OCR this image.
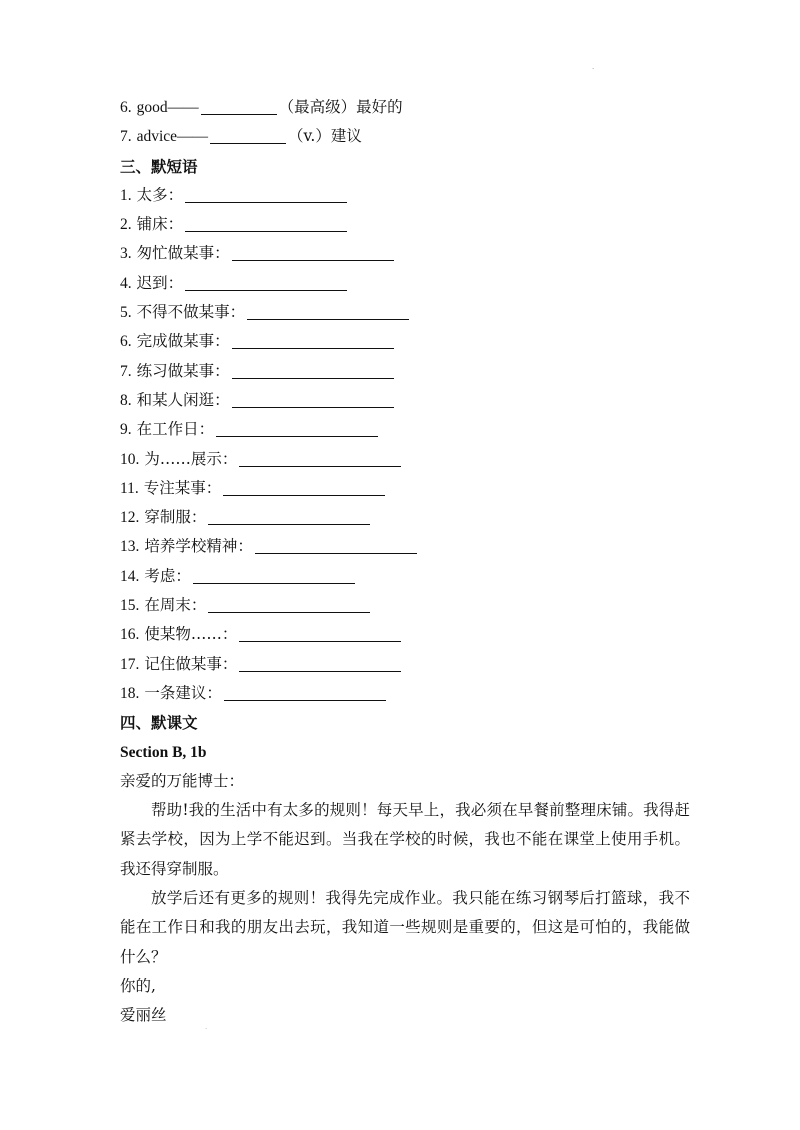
.
6. good——	（最高级）最好的
7. advice——	（v.）建议
三、默短语
1. 太多：
2. 铺床：
3. 匆忙做某事：
4. 迟到：
5. 不得不做某事：
6. 完成做某事：
7. 练习做某事：
8. 和某人闲逛：
9. 在工作日：
10. 为……展示：
11. 专注某事：
12. 穿制服：
13. 培养学校精神：
14. 考虑：
15. 在周末：
16. 使某物……：
17. 记住做某事：
18. 一条建议：
四、默课文
Section B, 1b

亲爱的万能博士：

帮助!我的生活中有太多的规则！每天早上，我必须在早餐前整理床铺。我得赶紧去学校，因为上学不能迟到。当我在学校的时候，我也不能在课堂上使用手机。我还得穿制服。

放学后还有更多的规则！我得先完成作业。我只能在练习钢琴后打篮球，我不能在工作日和我的朋友出去玩，我知道一些规则是重要的，但这是可怕的，我能做什么？

你的,

爱丽丝

.
